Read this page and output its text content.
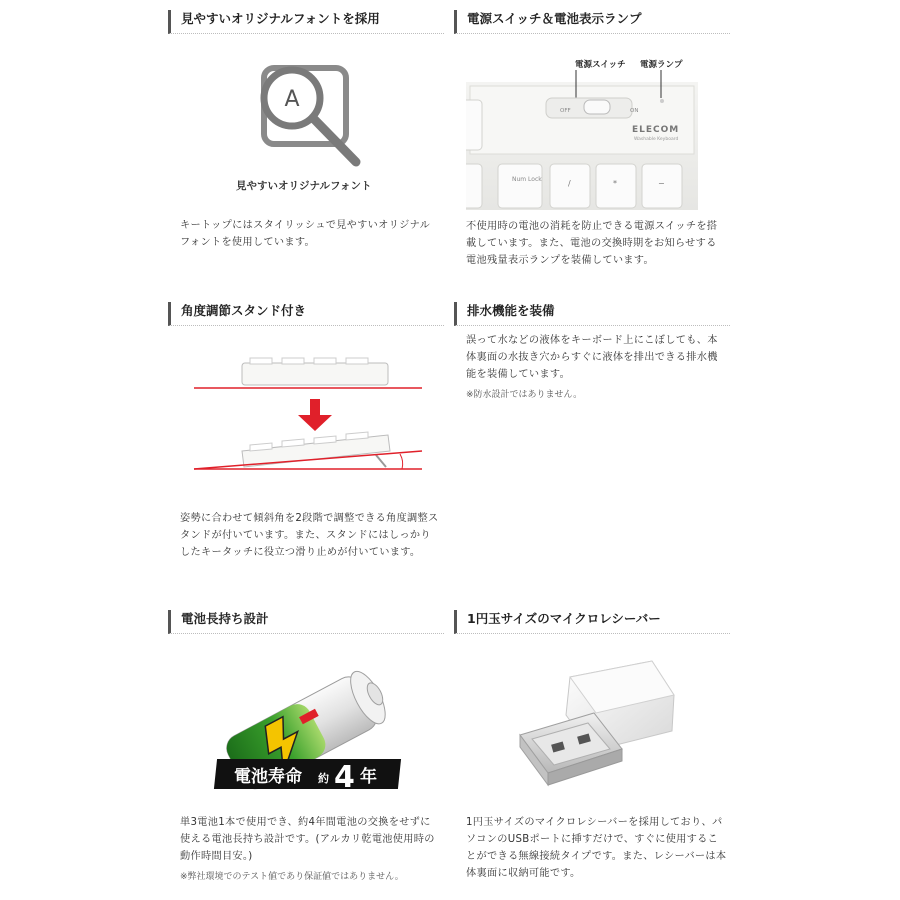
見やすいオリジナルフォントを採用
A
見やすいオリジナルフォント
キートップにはスタイリッシュで見やすいオリジナルフォントを使用しています。
電源スイッチ＆電池表示ランプ
電源スイッチ 電源ランプ
OFF	ON
ELECOM
Washable Keyboard
Num Lock	/	*	−
不使用時の電池の消耗を防止できる電源スイッチを搭載しています。また、電池の交換時期をお知らせする電池残量表示ランプを装備しています。
角度調節スタンド付き
姿勢に合わせて傾斜角を2段階で調整できる角度調整スタンドが付いています。また、スタンドにはしっかりしたキータッチに役立つ滑り止めが付いています。
排水機能を装備
誤って水などの液体をキーボード上にこぼしても、本体裏面の水抜き穴からすぐに液体を排出できる排水機能を装備しています。
※防水設計ではありません。
電池長持ち設計
電池寿命 約 4 年
単3電池1本で使用でき、約4年間電池の交換をせずに使える電池長持ち設計です。(アルカリ乾電池使用時の動作時間目安。)
※弊社環境でのテスト値であり保証値ではありません。
1円玉サイズのマイクロレシーバー
1円玉サイズのマイクロレシーバーを採用しており、パソコンのUSBポートに挿すだけで、すぐに使用することができる無線接続タイプです。また、レシーバーは本体裏面に収納可能です。
